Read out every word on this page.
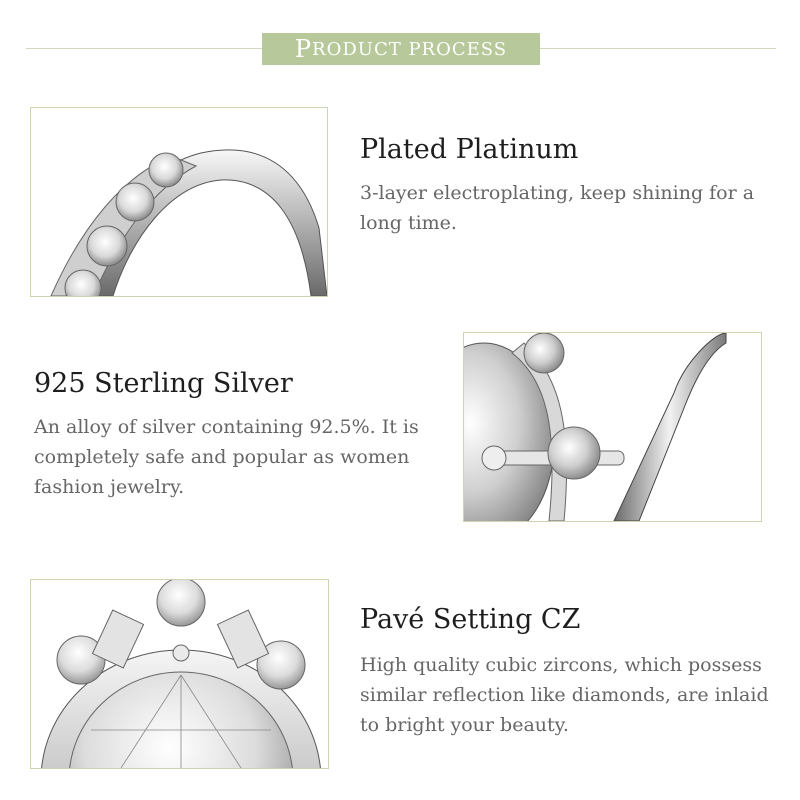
P RODUCT PROCESS
Plated Platinum
3-layer electroplating, keep shining for a long time.
925 Sterling Silver
An alloy of silver containing 92.5%. It is completely safe and popular as women fashion jewelry.
Pavé Setting CZ
High quality cubic zircons, which possess similar reflection like diamonds, are inlaid to bright your beauty.
